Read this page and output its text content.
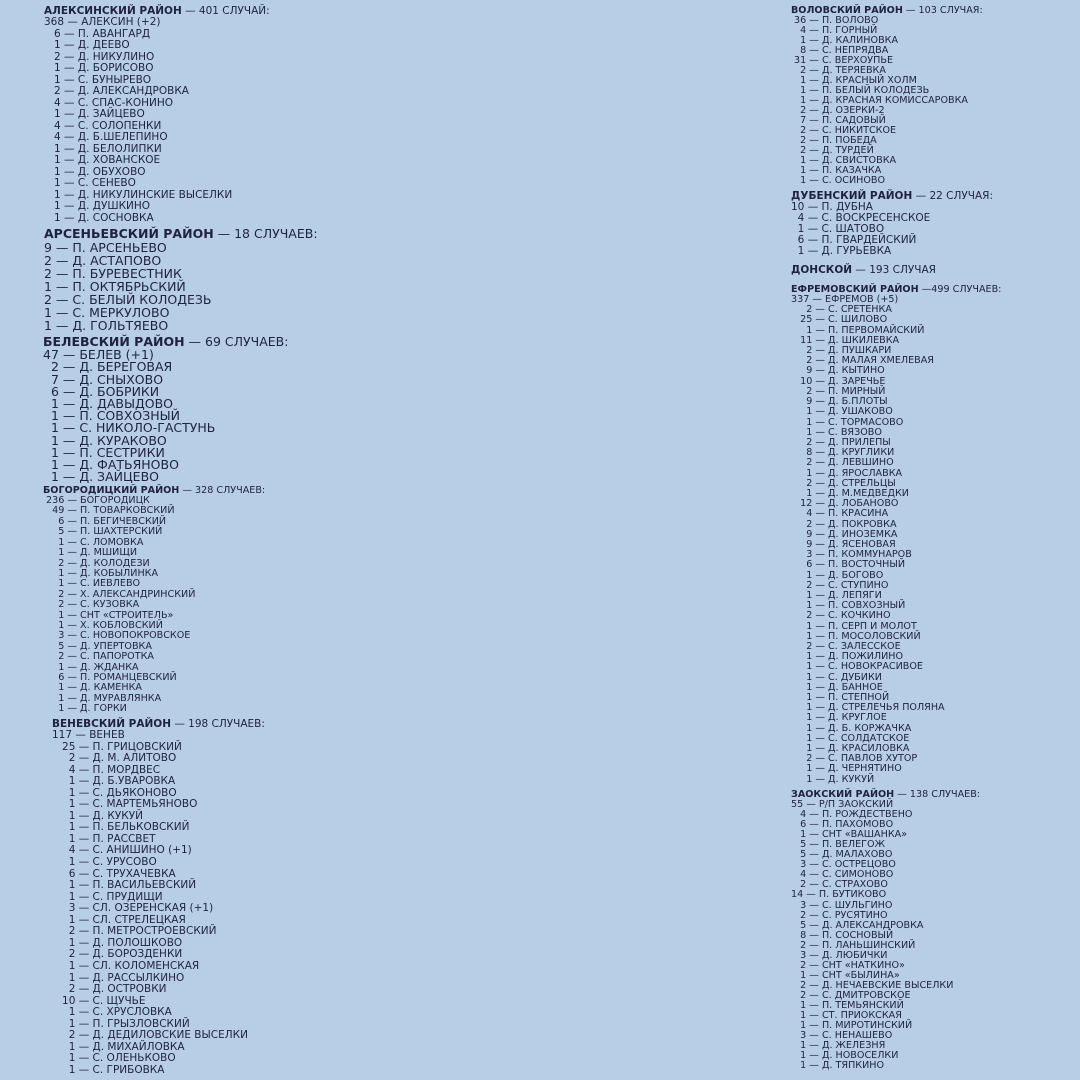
АЛЕКСИНСКИЙ РАЙОН — 401 СЛУЧАЙ:
368 — АЛЕКСИН (+2)
6 — П. АВАНГАРД
1 — Д. ДЕЕВО
2 — Д. НИКУЛИНО
1 — Д. БОРИСОВО
1 — С. БУНЫРЕВО
2 — Д. АЛЕКСАНДРОВКА
4 — С. СПАС-КОНИНО
1 — Д. ЗАЙЦЕВО
4 — С. СОЛОПЕНКИ
4 — Д. Б.ШЕЛЕПИНО
1 — Д. БЕЛОЛИПКИ
1 — Д. ХОВАНСКОЕ
1 — Д. ОБУХОВО
1 — С. СЕНЕВО
1 — Д. НИКУЛИНСКИЕ ВЫСЕЛКИ
1 — Д. ДУШКИНО
1 — Д. СОСНОВКА
АРСЕНЬЕВСКИЙ РАЙОН — 18 СЛУЧАЕВ:
9 — П. АРСЕНЬЕВО
2 — Д. АСТАПОВО
2 — П. БУРЕВЕСТНИК
1 — П. ОКТЯБРЬСКИЙ
2 — С. БЕЛЫЙ КОЛОДЕЗЬ
1 — С. МЕРКУЛОВО
1 — Д. ГОЛЬТЯЕВО
БЕЛЕВСКИЙ РАЙОН — 69 СЛУЧАЕВ:
47 — БЕЛЕВ (+1)
2 — Д. БЕРЕГОВАЯ
7 — Д. СНЫХОВО
6 — Д. БОБРИКИ
1 — Д. ДАВЫДОВО
1 — П. СОВХОЗНЫЙ
1 — С. НИКОЛО-ГАСТУНЬ
1 — Д. КУРАКОВО
1 — П. СЕСТРИКИ
1 — Д. ФАТЬЯНОВО
1 — Д. ЗАЙЦЕВО
БОГОРОДИЦКИЙ РАЙОН — 328 СЛУЧАЕВ:
236 — БОГОРОДИЦК
49 — П. ТОВАРКОВСКИЙ
6 — П. БЕГИЧЕВСКИЙ
5 — П. ШАХТЕРСКИЙ
1 — С. ЛОМОВКА
1 — Д. МШИЩИ
2 — Д. КОЛОДЕЗИ
1 — Д. КОБЫЛИНКА
1 — С. ИЕВЛЕВО
2 — Х. АЛЕКСАНДРИНСКИЙ
2 — С. КУЗОВКА
1 — СНТ «СТРОИТЕЛЬ»
1 — Х. КОБЛОВСКИЙ
3 — С. НОВОПОКРОВСКОЕ
5 — Д. УПЕРТОВКА
2 — С. ПАПОРОТКА
1 — Д. ЖДАНКА
6 — П. РОМАНЦЕВСКИЙ
1 — Д. КАМЕНКА
1 — Д. МУРАВЛЯНКА
1 — Д. ГОРКИ
ВЕНЕВСКИЙ РАЙОН — 198 СЛУЧАЕВ:
117 — ВЕНЕВ
25 — П. ГРИЦОВСКИЙ
2 — Д. М. АЛИТОВО
4 — П. МОРДВЕС
1 — Д. Б.УВАРОВКА
1 — С. ДЬЯКОНОВО
1 — С. МАРТЕМЬЯНОВО
1 — Д. КУКУЙ
1 — П. БЕЛЬКОВСКИЙ
1 — П. РАССВЕТ
4 — С. АНИШИНО (+1)
1 — С. УРУСОВО
6 — С. ТРУХАЧЕВКА
1 — П. ВАСИЛЬЕВСКИЙ
1 — С. ПРУДИЩИ
3 — СЛ. ОЗЕРЕНСКАЯ (+1)
1 — СЛ. СТРЕЛЕЦКАЯ
2 — П. МЕТРОСТРОЕВСКИЙ
1 — Д. ПОЛОШКОВО
2 — Д. БОРОЗДЕНКИ
1 — СЛ. КОЛОМЕНСКАЯ
1 — Д. РАССЫЛКИНО
2 — Д. ОСТРОВКИ
10 — С. ЩУЧЬЕ
1 — С. ХРУСЛОВКА
1 — П. ГРЫЗЛОВСКИЙ
2 — Д. ДЕДИЛОВСКИЕ ВЫСЕЛКИ
1 — Д. МИХАЙЛОВКА
1 — С. ОЛЕНЬКОВО
1 — С. ГРИБОВКА
ВОЛОВСКИЙ РАЙОН — 103 СЛУЧАЯ:
36 — П. ВОЛОВО
4 — П. ГОРНЫЙ
1 — Д. КАЛИНОВКА
8 — С. НЕПРЯДВА
31 — С. ВЕРХОУПЬЕ
2 — Д. ТЕРЯЕВКА
1 — Д. КРАСНЫЙ ХОЛМ
1 — П. БЕЛЫЙ КОЛОДЕЗЬ
1 — Д. КРАСНАЯ КОМИССАРОВКА
2 — Д. ОЗЕРКИ-2
7 — П. САДОВЫЙ
2 — С. НИКИТСКОЕ
2 — П. ПОБЕДА
2 — Д. ТУРДЕЙ
1 — Д. СВИСТОВКА
1 — П. КАЗАЧКА
1 — С. ОСИНОВО
ДУБЕНСКИЙ РАЙОН — 22 СЛУЧАЯ:
10 — П. ДУБНА
4 — С. ВОСКРЕСЕНСКОЕ
1 — С. ШАТОВО
6 — П. ГВАРДЕЙСКИЙ
1 — Д. ГУРЬЕВКА
ДОНСКОЙ — 193 СЛУЧАЯ
ЕФРЕМОВСКИЙ РАЙОН —499 СЛУЧАЕВ:
337 — ЕФРЕМОВ (+5)
2 — С. СРЕТЕНКА
25 — С. ШИЛОВО
1 — П. ПЕРВОМАЙСКИЙ
11 — Д. ШКИЛЕВКА
2 — Д. ПУШКАРИ
2 — Д. МАЛАЯ ХМЕЛЕВАЯ
9 — Д. КЫТИНО
10 — Д. ЗАРЕЧЬЕ
2 — П. МИРНЫЙ
9 — Д. Б.ПЛОТЫ
1 — Д. УШАКОВО
1 — С. ТОРМАСОВО
1 — С. ВЯЗОВО
2 — Д. ПРИЛЕПЫ
8 — Д. КРУГЛИКИ
2 — Д. ЛЕВШИНО
1 — Д. ЯРОСЛАВКА
2 — Д. СТРЕЛЬЦЫ
1 — Д. М.МЕДВЕДКИ
12 — Д. ЛОБАНОВО
4 — П. КРАСИНА
2 — Д. ПОКРОВКА
9 — Д. ИНОЗЕМКА
9 — Д. ЯСЕНОВАЯ
3 — П. КОММУНАРОВ
6 — П. ВОСТОЧНЫЙ
1 — Д. БОГОВО
2 — С. СТУПИНО
1 — Д. ЛЕПЯГИ
1 — П. СОВХОЗНЫЙ
2 — С. КОЧКИНО
1 — П. СЕРП И МОЛОТ
1 — П. МОСОЛОВСКИЙ
2 — С. ЗАЛЕССКОЕ
1 — Д. ПОЖИЛИНО
1 — С. НОВОКРАСИВОЕ
1 — С. ДУБИКИ
1 — Д. БАННОЕ
1 — П. СТЕПНОЙ
1 — Д. СТРЕЛЕЧЬЯ ПОЛЯНА
1 — Д. КРУГЛОЕ
1 — Д. Б. КОРЖАЧКА
1 — С. СОЛДАТСКОЕ
1 — Д. КРАСИЛОВКА
2 — С. ПАВЛОВ ХУТОР
1 — Д. ЧЕРНЯТИНО
1 — Д. КУКУЙ
ЗАОКСКИЙ РАЙОН — 138 СЛУЧАЕВ:
55 — Р/П ЗАОКСКИЙ
4 — П. РОЖДЕСТВЕНО
6 — П. ПАХОМОВО
1 — СНТ «ВАШАНКА»
5 — П. ВЕЛЕГОЖ
5 — Д. МАЛАХОВО
3 — С. ОСТРЕЦОВО
4 — С. СИМОНОВО
2 — С. СТРАХОВО
14 — П. БУТИКОВО
3 — С. ШУЛЬГИНО
2 — С. РУСЯТИНО
5 — Д. АЛЕКСАНДРОВКА
8 — П. СОСНОВЫЙ
2 — П. ЛАНЬШИНСКИЙ
3 — Д. ЛЮБИЧКИ
2 — СНТ «НАТКИНО»
1 — СНТ «БЫЛИНА»
2 — Д. НЕЧАЕВСКИЕ ВЫСЕЛКИ
2 — С. ДМИТРОВСКОЕ
1 — П. ТЕМЬЯНСКИЙ
1 — СТ. ПРИОКСКАЯ
1 — П. МИРОТИНСКИЙ
3 — С. НЕНАШЕВО
1 — Д. ЖЕЛЕЗНЯ
1 — Д. НОВОСЕЛКИ
1 — Д. ТЯПКИНО
